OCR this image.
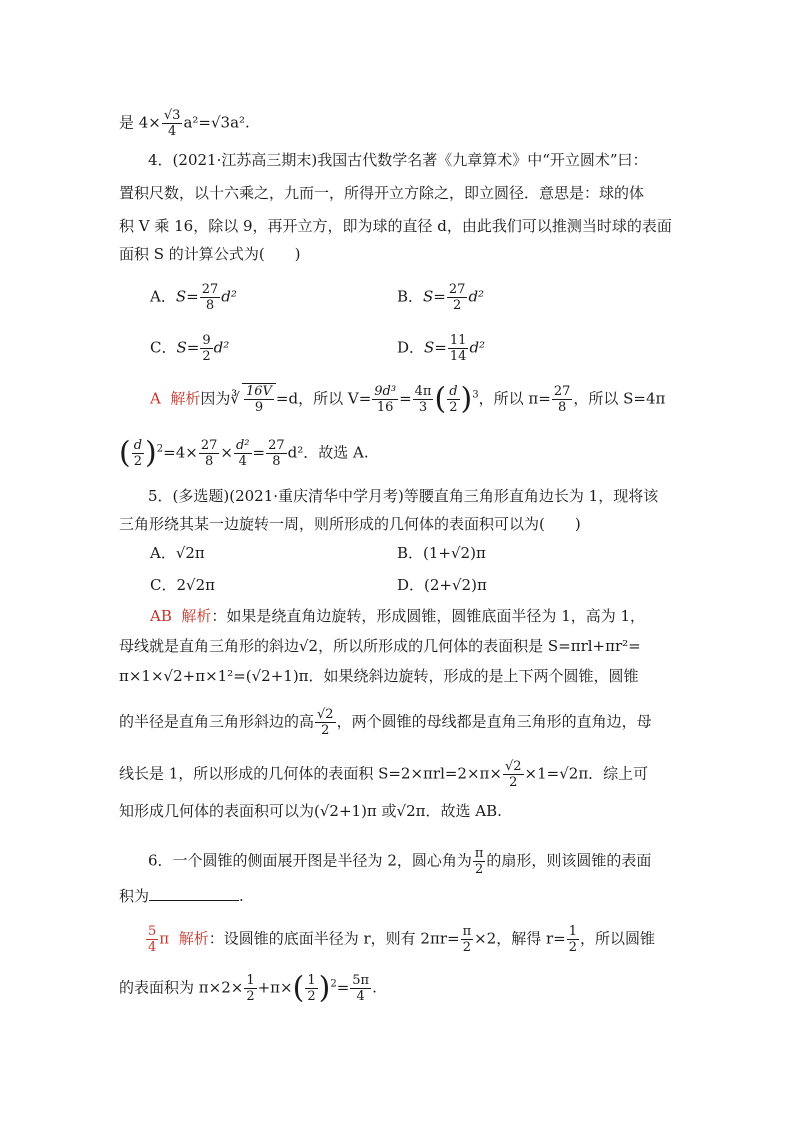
是 $4\times \frac{√3}{4} a^2=√3a^2$.
4．(2021·江苏高三期末)我国古代数学名著《九章算术》中“开立圆术”曰：
置积尺数，以十六乘之，九而一，所得开立方除之，即立圆径．意思是：球的体
积 V 乘 16，除以 9，再开立方，即为球的直径 d，由此我们可以推测当时球的表面
面积 S 的计算公式为(　　)
A．$S= \frac{27}{8} d^2$	B．$S= \frac{27}{2} d^2$
C．$S= \frac{9}{2} d^2$	D．$S= \frac{11}{14} d^2$
A 解析因为∛ $\frac{16V}{9} =d$，所以 $V= \frac{\text{9d³}}{16} = \frac{4\pi}{3}$ ( $\frac{d}{2} )^3$，所以 $\pi= \frac{27}{8}$ ，所以 S=4π
( $\frac{d}{2} )^2=4\times \frac{27}{8} \times \frac{\text{d²}}{4} = \frac{27}{8} d^2$．故选 A.
5．(多选题)(2021·重庆清华中学月考)等腰直角三角形直角边长为 1，现将该
三角形绕其某一边旋转一周，则所形成的几何体的表面积可以为(　　)
A．√2π	B．(1+√2)π
C．2√2π	D．(2+√2)π
AB 解析：如果是绕直角边旋转，形成圆锥，圆锥底面半径为 1，高为 1，
母线就是直角三角形的斜边√2，所以所形成的几何体的表面积是 S=πrl+πr²=
π×1×√2+π×1²=(√2+1)π．如果绕斜边旋转，形成的是上下两个圆锥，圆锥
的半径是直角三角形斜边的高 $\frac{√2}{2}$ ，两个圆锥的母线都是直角三角形的直角边，母
线长是 1，所以形成的几何体的表面积 $S=2\times\pi rl=2\times\pi\times \frac{√2}{2} \times 1=√2\pi$．综上可
知形成几何体的表面积可以为(√2+1)π 或√2π．故选 AB.
6．一个圆锥的侧面展开图是半径为 2，圆心角为 $\frac{\pi}{2}$ 的扇形，则该圆锥的表面
积为	.
$\frac{5}{4}$ π 解析：设圆锥的底面半径为 r，则有 $2\pi r= \frac{\pi}{2} \times 2$，解得 $r= \frac{1}{2}$ ，所以圆锥
的表面积为 $\pi\times 2\times \frac{1}{2} +\pi\times( \frac{1}{2} )^2= \frac{5\pi}{4}$ .
